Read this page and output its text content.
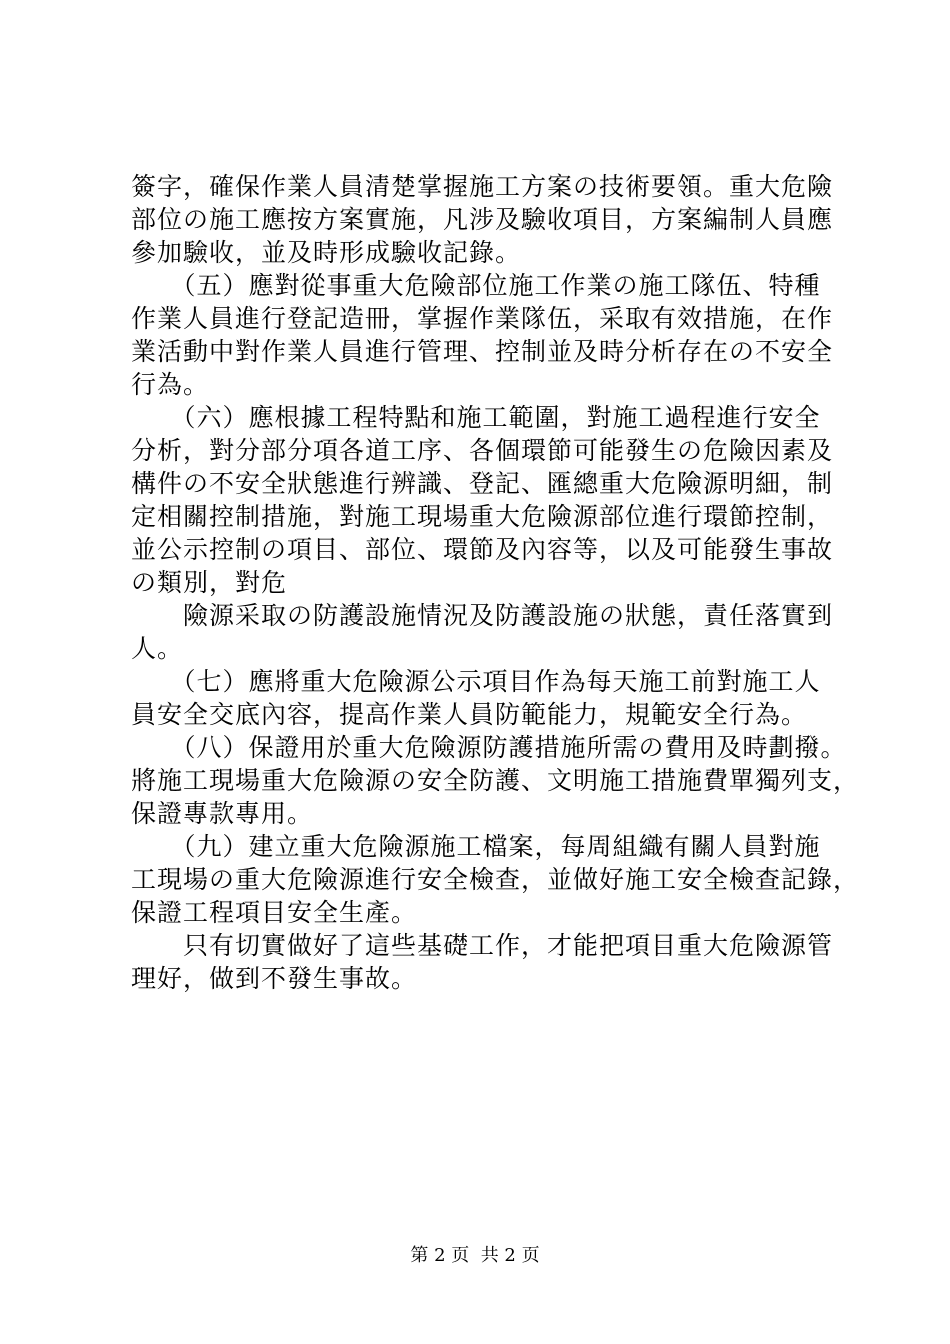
簽字，確保作業人員清楚掌握施工方案の技術要領。重大危險
部位の施工應按方案實施，凡涉及驗收項目，方案編制人員應
參加驗收，並及時形成驗收記錄。
　　（五）應對從事重大危險部位施工作業の施工隊伍、特種
作業人員進行登記造冊，掌握作業隊伍，采取有效措施，在作
業活動中對作業人員進行管理、控制並及時分析存在の不安全
行為。
　　（六）應根據工程特點和施工範圍，對施工過程進行安全
分析，對分部分項各道工序、各個環節可能發生の危險因素及
構件の不安全狀態進行辨識、登記、匯總重大危險源明細，制
定相關控制措施，對施工現場重大危險源部位進行環節控制，
並公示控制の項目、部位、環節及內容等，以及可能發生事故
の類別，對危
　　險源采取の防護設施情況及防護設施の狀態，責任落實到
人。
　　（七）應將重大危險源公示項目作為每天施工前對施工人
員安全交底內容，提高作業人員防範能力，規範安全行為。
　　（八）保證用於重大危險源防護措施所需の費用及時劃撥。
將施工現場重大危險源の安全防護、文明施工措施費單獨列支，
保證專款專用。
　　（九）建立重大危險源施工檔案，每周組織有關人員對施
工現場の重大危險源進行安全檢查，並做好施工安全檢查記錄，
保證工程項目安全生產。
　　只有切實做好了這些基礎工作，才能把項目重大危險源管
理好，做到不發生事故。
第 2 页  共 2 页
